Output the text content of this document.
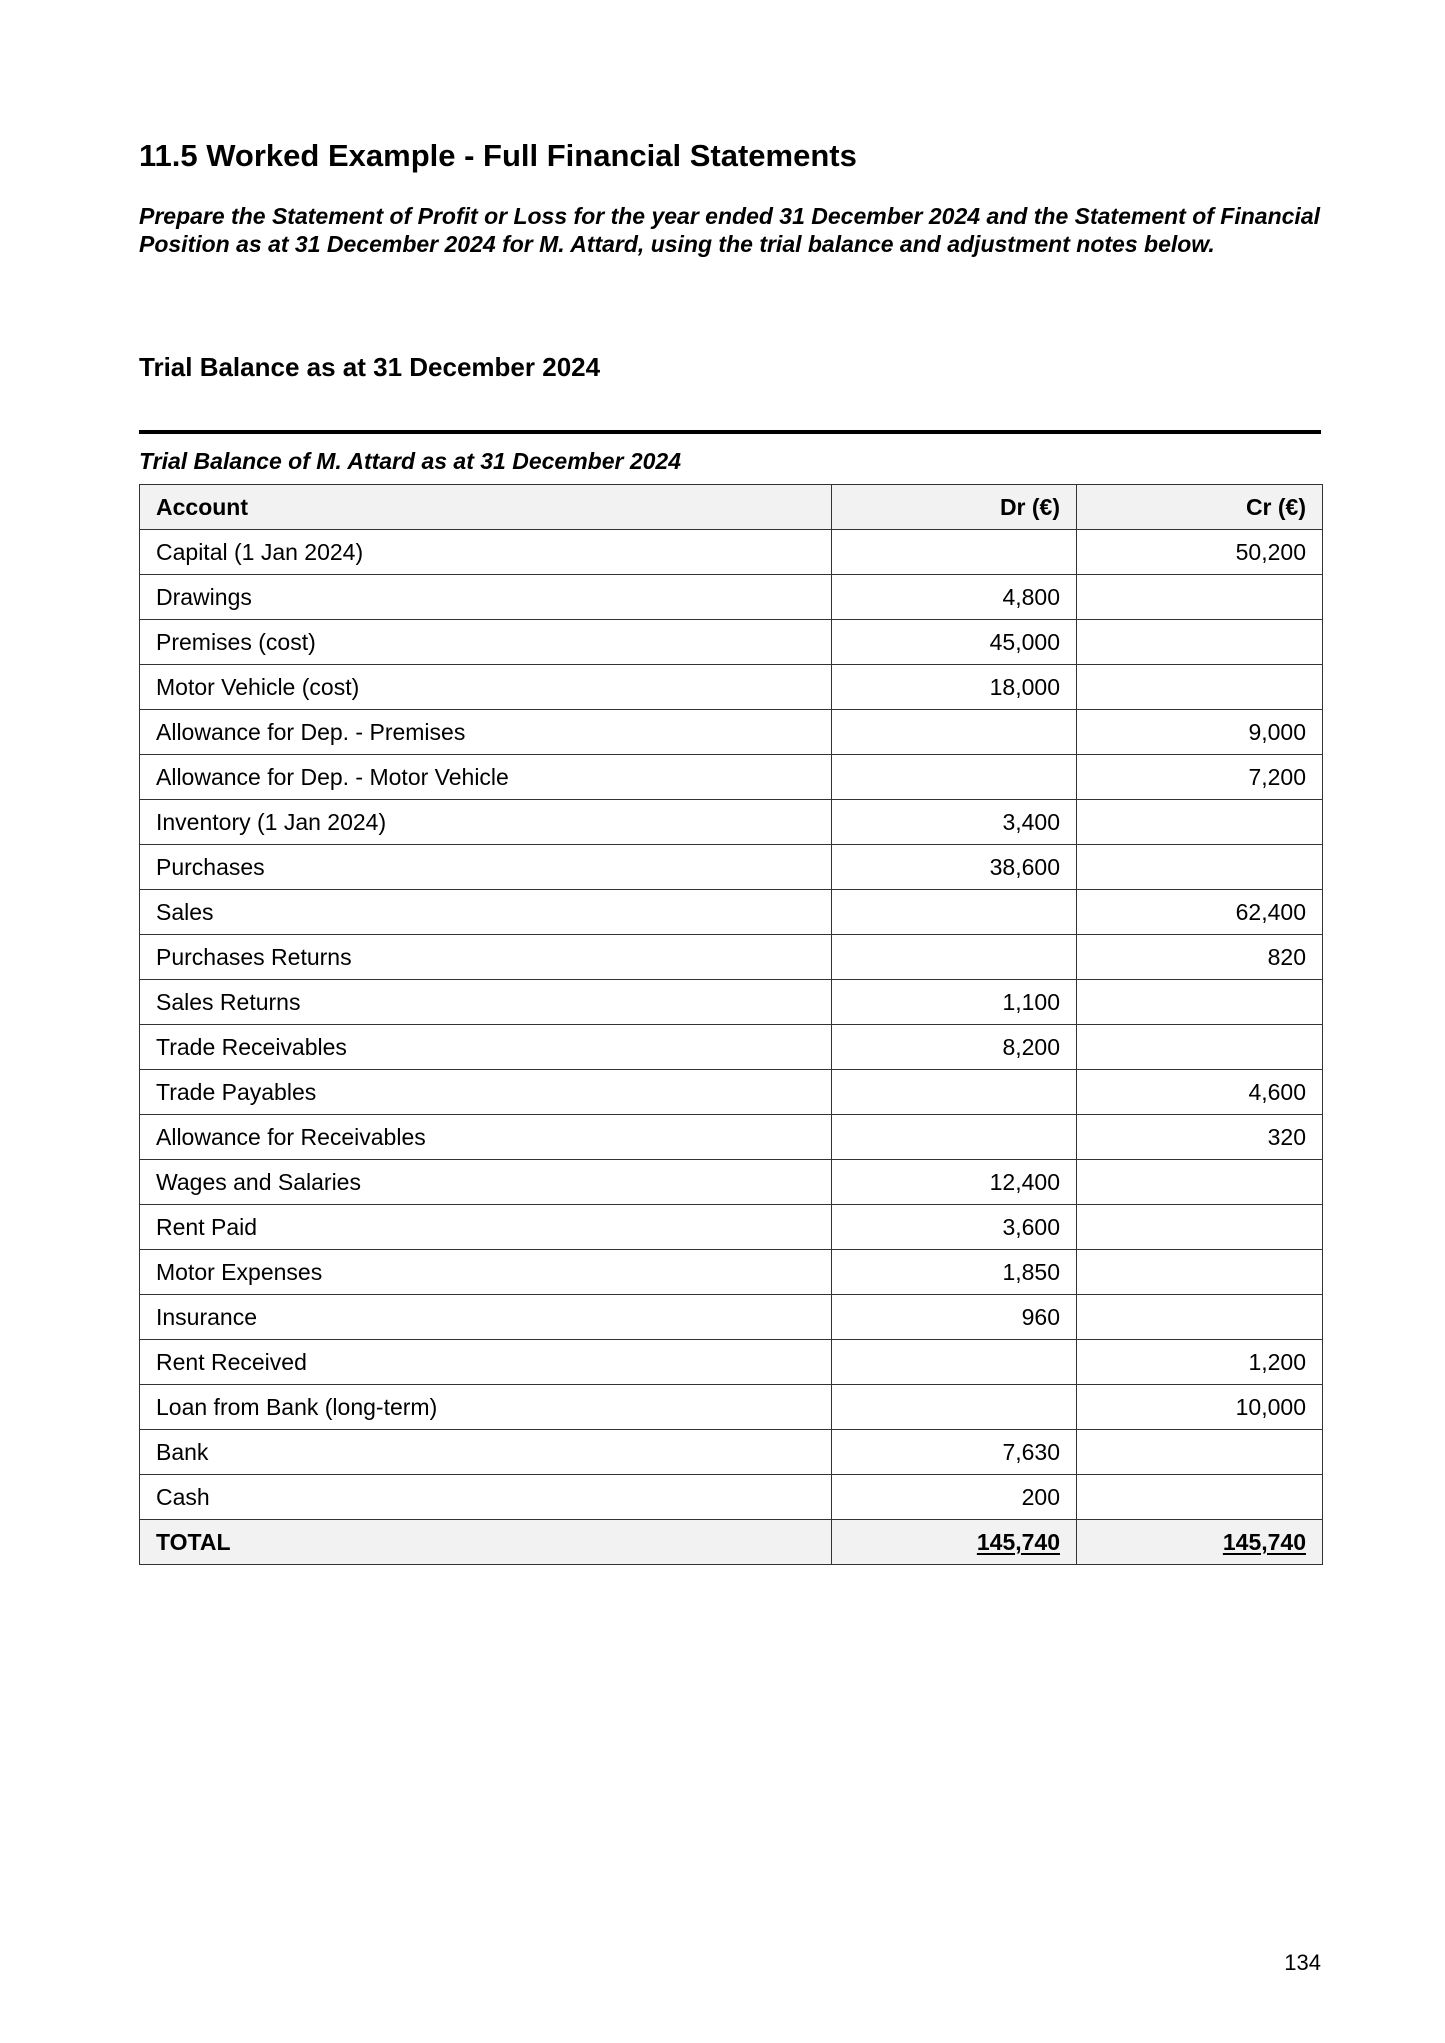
11.5 Worked Example - Full Financial Statements

Prepare the Statement of Profit or Loss for the year ended 31 December 2024 and the Statement of Financial Position as at 31 December 2024 for M. Attard, using the trial balance and adjustment notes below.

Trial Balance as at 31 December 2024

Trial Balance of M. Attard as at 31 December 2024

Account	Dr (€)	Cr (€)
Capital (1 Jan 2024)		50,200
Drawings	4,800	
Premises (cost)	45,000	
Motor Vehicle (cost)	18,000	
Allowance for Dep. - Premises		9,000
Allowance for Dep. - Motor Vehicle		7,200
Inventory (1 Jan 2024)	3,400	
Purchases	38,600	
Sales		62,400
Purchases Returns		820
Sales Returns	1,100	
Trade Receivables	8,200	
Trade Payables		4,600
Allowance for Receivables		320
Wages and Salaries	12,400	
Rent Paid	3,600	
Motor Expenses	1,850	
Insurance	960	
Rent Received		1,200
Loan from Bank (long-term)		10,000
Bank	7,630	
Cash	200	
TOTAL	145,740	145,740

134
